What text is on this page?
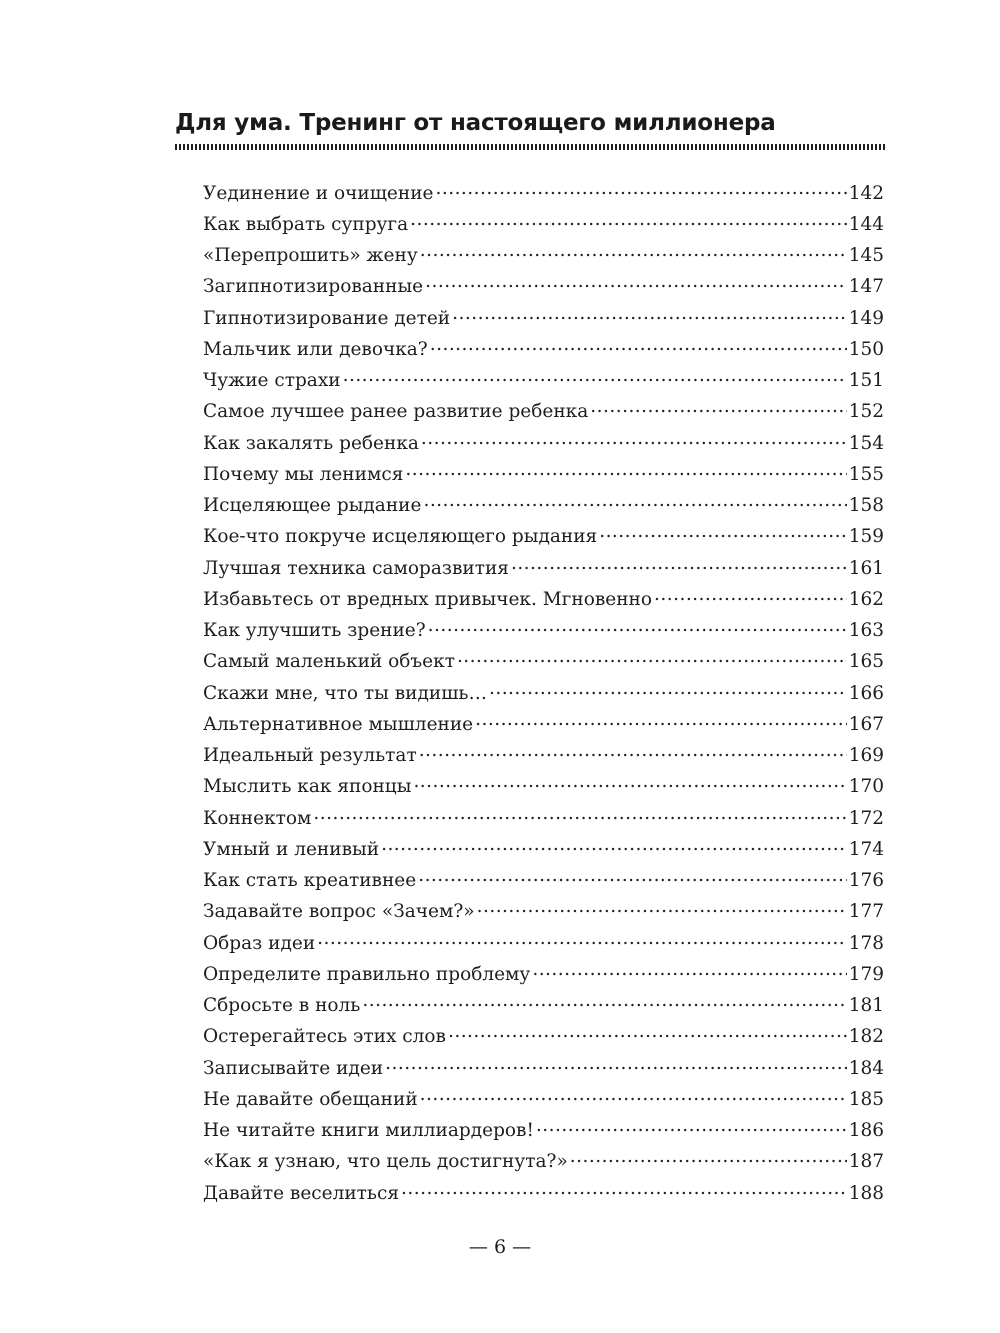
Для ума. Тренинг от настоящего миллионера
Уединение и очищение . . .	142
Как выбрать супруга . . .	144
«Перепрошить» жену . . .	145
Загипнотизированные . . .	147
Гипнотизирование детей . . .	149
Мальчик или девочка? . . .	150
Чужие страхи . . .	151
Самое лучшее ранее развитие ребенка . . .	152
Как закалять ребенка . . .	154
Почему мы ленимся . . .	155
Исцеляющее рыдание . . .	158
Кое-что покруче исцеляющего рыдания . . .	159
Лучшая техника саморазвития . . .	161
Избавьтесь от вредных привычек. Мгновенно . . .	162
Как улучшить зрение? . . .	163
Самый маленький объект . . .	165
Скажи мне, что ты видишь… . . .	166
Альтернативное мышление . . .	167
Идеальный результат . . .	169
Мыслить как японцы . . .	170
Коннектом . . .	172
Умный и ленивый . . .	174
Как стать креативнее . . .	176
Задавайте вопрос «Зачем?» . . .	177
Образ идеи . . .	178
Определите правильно проблему . . .	179
Сбросьте в ноль . . .	181
Остерегайтесь этих слов . . .	182
Записывайте идеи . . .	184
Не давайте обещаний . . .	185
Не читайте книги миллиардеров! . . .	186
«Как я узнаю, что цель достигнута?» . . .	187
Давайте веселиться . . .	188
— 6 —
